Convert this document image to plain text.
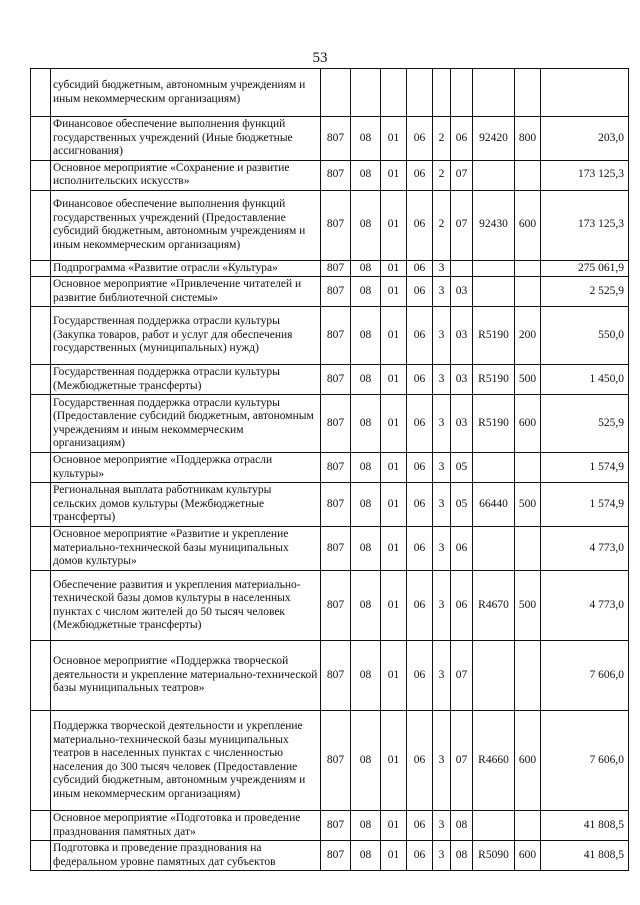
53
	субсидий бюджетным, автономным учреждениям и иным некоммерческим организациям)									
	Финансовое обеспечение выполнения функций государственных учреждений (Иные бюджетные ассигнования)	807	08	01	06	2	06	92420	800	203,0
	Основное мероприятие «Сохранение и развитие исполнительских искусств»	807	08	01	06	2	07			173 125,3
	Финансовое обеспечение выполнения функций государственных учреждений (Предоставление субсидий бюджетным, автономным учреждениям и иным некоммерческим организациям)	807	08	01	06	2	07	92430	600	173 125,3
	Подпрограмма «Развитие отрасли «Культура»	807	08	01	06	3				275 061,9
	Основное мероприятие «Привлечение читателей и развитие библиотечной системы»	807	08	01	06	3	03			2 525,9
	Государственная поддержка отрасли культуры (Закупка товаров, работ и услуг для обеспечения государственных (муниципальных) нужд)	807	08	01	06	3	03	R5190	200	550,0
	Государственная поддержка отрасли культуры (Межбюджетные трансферты)	807	08	01	06	3	03	R5190	500	1 450,0
	Государственная поддержка отрасли культуры (Предоставление субсидий бюджетным, автономным учреждениям и иным некоммерческим организациям)	807	08	01	06	3	03	R5190	600	525,9
	Основное мероприятие «Поддержка отрасли культуры»	807	08	01	06	3	05			1 574,9
	Региональная выплата работникам культуры сельских домов культуры (Межбюджетные трансферты)	807	08	01	06	3	05	66440	500	1 574,9
	Основное мероприятие «Развитие и укрепление материально-технической базы муниципальных домов культуры»	807	08	01	06	3	06			4 773,0
	Обеспечение развития и укрепления материально-технической базы домов культуры в населенных пунктах с числом жителей до 50 тысяч человек (Межбюджетные трансферты)	807	08	01	06	3	06	R4670	500	4 773,0
	Основное мероприятие «Поддержка творческой деятельности и укрепление материально-технической базы муниципальных театров»	807	08	01	06	3	07			7 606,0
	Поддержка творческой деятельности и укрепление материально-технической базы муниципальных театров в населенных пунктах с численностью населения до 300 тысяч человек (Предоставление субсидий бюджетным, автономным учреждениям и иным некоммерческим организациям)	807	08	01	06	3	07	R4660	600	7 606,0
	Основное мероприятие «Подготовка и проведение празднования памятных дат»	807	08	01	06	3	08			41 808,5
	Подготовка и проведение празднования на федеральном уровне памятных дат субъектов	807	08	01	06	3	08	R5090	600	41 808,5
